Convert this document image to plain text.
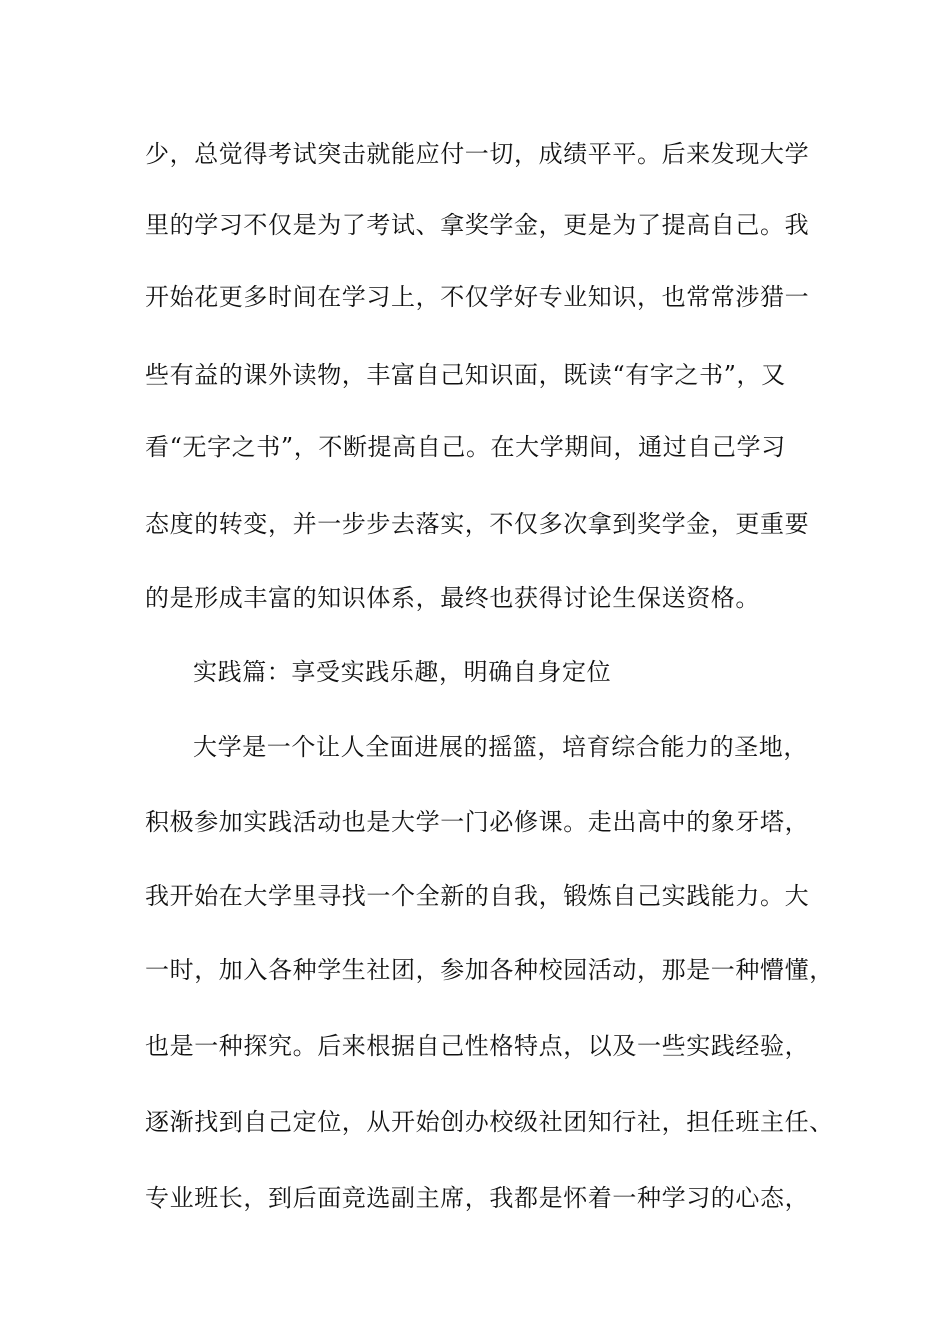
少，总觉得考试突击就能应付一切，成绩平平。后来发现大学
里的学习不仅是为了考试、拿奖学金，更是为了提高自己。我
开始花更多时间在学习上，不仅学好专业知识，也常常涉猎一
些有益的课外读物，丰富自己知识面，既读“有字之书”，又
看“无字之书”，不断提高自己。在大学期间，通过自己学习
态度的转变，并一步步去落实，不仅多次拿到奖学金，更重要
的是形成丰富的知识体系，最终也获得讨论生保送资格。
实践篇：享受实践乐趣，明确自身定位
大学是一个让人全面进展的摇篮，培育综合能力的圣地，
积极参加实践活动也是大学一门必修课。走出高中的象牙塔，
我开始在大学里寻找一个全新的自我，锻炼自己实践能力。大
一时，加入各种学生社团，参加各种校园活动，那是一种懵懂，
也是一种探究。后来根据自己性格特点，以及一些实践经验，
逐渐找到自己定位，从开始创办校级社团知行社，担任班主任、
专业班长，到后面竞选副主席，我都是怀着一种学习的心态，
